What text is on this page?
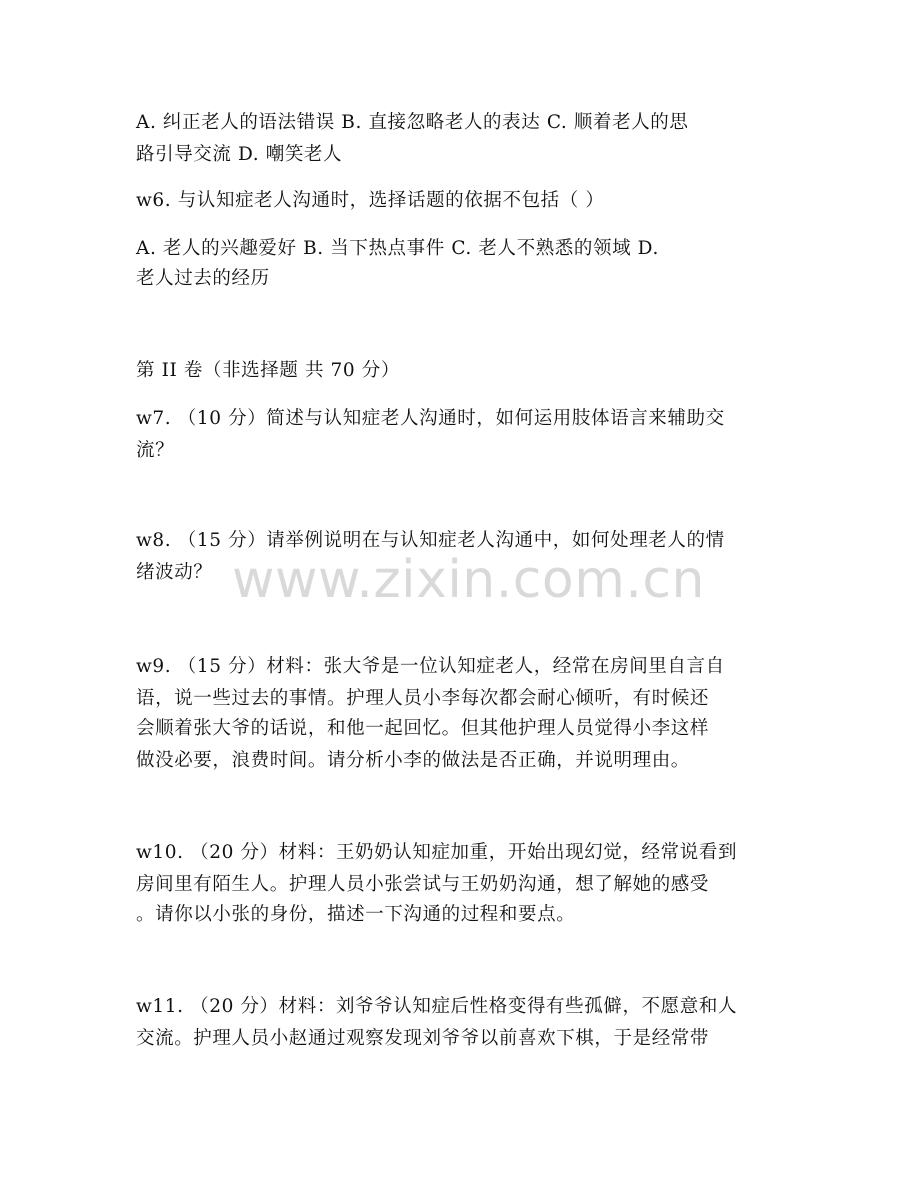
www.zixin.com.cn
A. 纠正老人的语法错误 B. 直接忽略老人的表达 C. 顺着老人的思
路引导交流 D. 嘲笑老人
w6. 与认知症老人沟通时，选择话题的依据不包括（ ）
A. 老人的兴趣爱好 B. 当下热点事件 C. 老人不熟悉的领域 D.
老人过去的经历
第 II 卷（非选择题 共 70 分）
w7. （10 分）简述与认知症老人沟通时，如何运用肢体语言来辅助交
流？
w8. （15 分）请举例说明在与认知症老人沟通中，如何处理老人的情
绪波动？
w9. （15 分）材料：张大爷是一位认知症老人，经常在房间里自言自
语，说一些过去的事情。护理人员小李每次都会耐心倾听，有时候还
会顺着张大爷的话说，和他一起回忆。但其他护理人员觉得小李这样
做没必要，浪费时间。请分析小李的做法是否正确，并说明理由。
w10. （20 分）材料：王奶奶认知症加重，开始出现幻觉，经常说看到
房间里有陌生人。护理人员小张尝试与王奶奶沟通，想了解她的感受
。请你以小张的身份，描述一下沟通的过程和要点。
w11. （20 分）材料：刘爷爷认知症后性格变得有些孤僻，不愿意和人
交流。护理人员小赵通过观察发现刘爷爷以前喜欢下棋，于是经常带
